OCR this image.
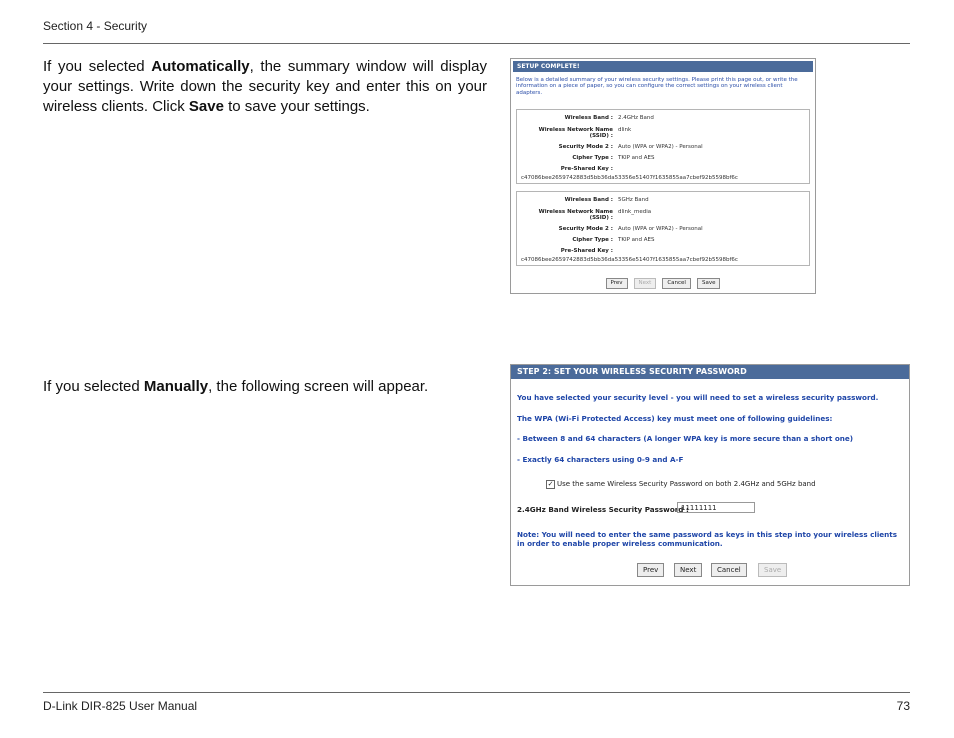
Section 4 - Security
If you selected Automatically, the summary window will display your settings. Write down the security key and enter this on your wireless clients. Click Save to save your settings.
If you selected Manually, the following screen will appear.
SETUP COMPLETE!
Below is a detailed summary of your wireless security settings. Please print this page out, or write the information on a piece of paper, so you can configure the correct settings on your wireless client adapters.
Wireless Band : 2.4GHz Band
Wireless Network Name (SSID) :
dlink
Security Mode 2 : Auto (WPA or WPA2) - Personal
Cipher Type : TKIP and AES
Pre-Shared Key :
c47086bee2659742883d5bb36da53356e51407f1635855aa7cbef92b5598bf6c
Wireless Band : 5GHz Band
Wireless Network Name (SSID) :
dlink_media
Security Mode 2 : Auto (WPA or WPA2) - Personal
Cipher Type : TKIP and AES
Pre-Shared Key :
c47086bee2659742883d5bb36da53356e51407f1635855aa7cbef92b5598bf6c
Prev	Next	Cancel	Save
STEP 2: SET YOUR WIRELESS SECURITY PASSWORD
You have selected your security level - you will need to set a wireless security password.
The WPA (Wi-Fi Protected Access) key must meet one of following guidelines:
- Between 8 and 64 characters (A longer WPA key is more secure than a short one)
- Exactly 64 characters using 0-9 and A-F
✓ Use the same Wireless Security Password on both 2.4GHz and 5GHz band
2.4GHz Band Wireless Security Password :
11111111
Note: You will need to enter the same password as keys in this step into your wireless clients in order to enable proper wireless communication.
Prev	Next	Cancel	Save
D-Link DIR-825 User Manual	73
